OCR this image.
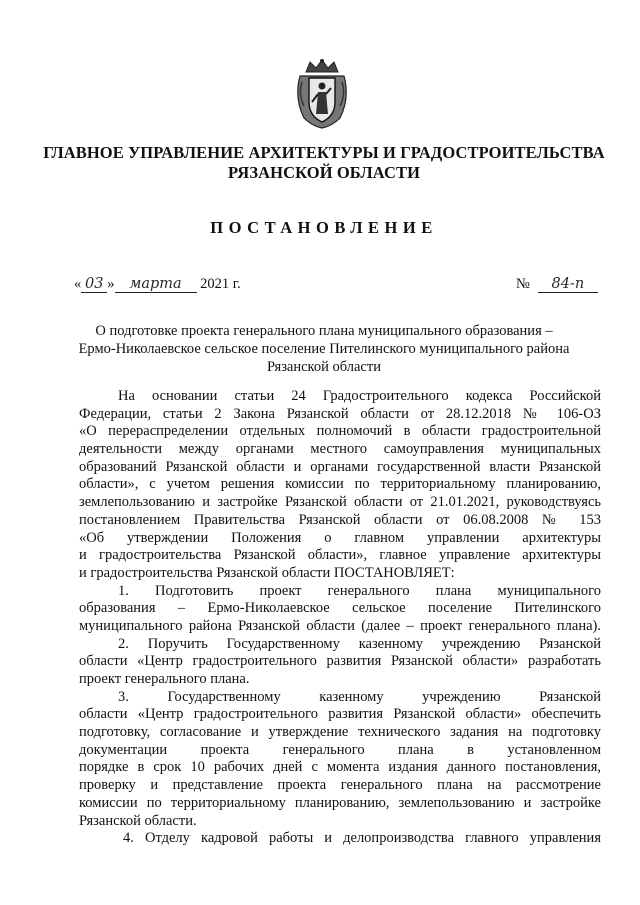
ГЛАВНОЕ УПРАВЛЕНИЕ АРХИТЕКТУРЫ И ГРАДОСТРОИТЕЛЬСТВА
РЯЗАНСКОЙ ОБЛАСТИ
ПОСТАНОВЛЕНИЕ
« 03 » марта 2021 г.	№ 84-п
О подготовке проекта генерального плана муниципального образования –
Ермо-Николаевское сельское поселение Пителинского муниципального района
Рязанской области
На основании статьи 24 Градостроительного кодекса Российской
Федерации, статьи 2 Закона Рязанской области от 28.12.2018 № 106-ОЗ
«О перераспределении отдельных полномочий в области градостроительной
деятельности между органами местного самоуправления муниципальных
образований Рязанской области и органами государственной власти Рязанской
области», с учетом решения комиссии по территориальному планированию,
землепользованию и застройке Рязанской области от 21.01.2021, руководствуясь
постановлением Правительства Рязанской области от 06.08.2008 № 153
«Об утверждении Положения о главном управлении архитектуры
и градостроительства Рязанской области», главное управление архитектуры
и градостроительства Рязанской области ПОСТАНОВЛЯЕТ:
1. Подготовить проект генерального плана муниципального
образования – Ермо-Николаевское сельское поселение Пителинского
муниципального района Рязанской области (далее – проект генерального плана).
2. Поручить Государственному казенному учреждению Рязанской
области «Центр градостроительного развития Рязанской области» разработать
проект генерального плана.
3. Государственному казенному учреждению Рязанской
области «Центр градостроительного развития Рязанской области» обеспечить
подготовку, согласование и утверждение технического задания на подготовку
документации проекта генерального плана в установленном
порядке в срок 10 рабочих дней с момента издания данного постановления,
проверку и представление проекта генерального плана на рассмотрение
комиссии по территориальному планированию, землепользованию и застройке
Рязанской области.
4. Отделу кадровой работы и делопроизводства главного управления
